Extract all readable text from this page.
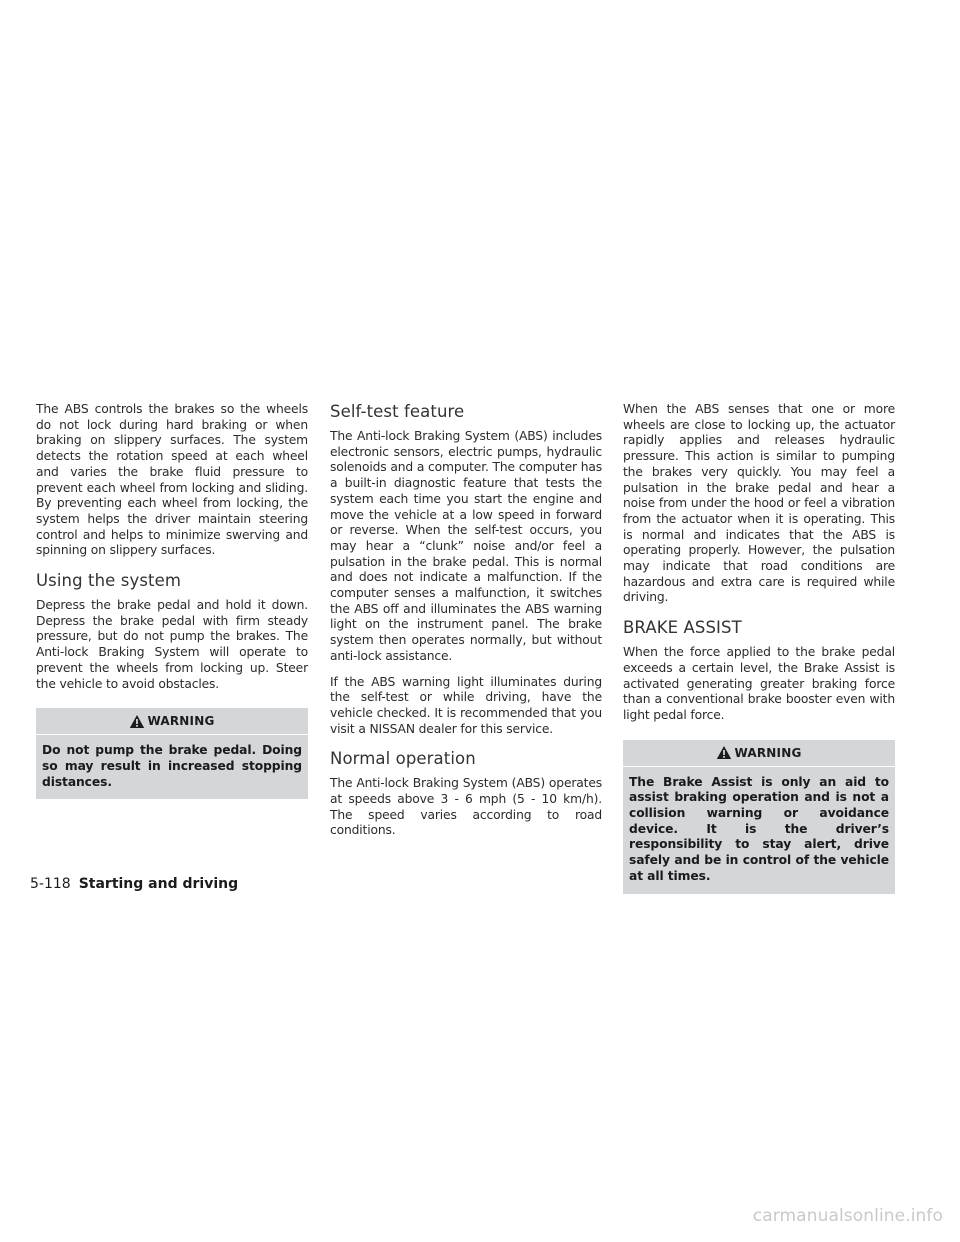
The ABS controls the brakes so the wheels do not lock during hard braking or when braking on slippery surfaces. The system detects the rotation speed at each wheel and varies the brake fluid pressure to prevent each wheel from locking and sliding. By preventing each wheel from locking, the system helps the driver maintain steering control and helps to minimize swerving and spinning on slippery surfaces.

Using the system

Depress the brake pedal and hold it down. Depress the brake pedal with firm steady pressure, but do not pump the brakes. The Anti-lock Braking System will operate to prevent the wheels from locking up. Steer the vehicle to avoid obstacles.

WARNING

Do not pump the brake pedal. Doing so may result in increased stopping distances.

Self-test feature

The Anti-lock Braking System (ABS) includes electronic sensors, electric pumps, hydraulic solenoids and a computer. The computer has a built-in diagnostic feature that tests the system each time you start the engine and move the vehicle at a low speed in forward or reverse. When the self-test occurs, you may hear a “clunk” noise and/or feel a pulsation in the brake pedal. This is normal and does not indicate a malfunction. If the computer senses a malfunction, it switches the ABS off and illuminates the ABS warning light on the instrument panel. The brake system then operates normally, but without anti-lock assistance.

If the ABS warning light illuminates during the self-test or while driving, have the vehicle checked. It is recommended that you visit a NISSAN dealer for this service.

Normal operation

The Anti-lock Braking System (ABS) operates at speeds above 3 - 6 mph (5 - 10 km/h). The speed varies according to road conditions.

When the ABS senses that one or more wheels are close to locking up, the actuator rapidly applies and releases hydraulic pressure. This action is similar to pumping the brakes very quickly. You may feel a pulsation in the brake pedal and hear a noise from under the hood or feel a vibration from the actuator when it is operating. This is normal and indicates that the ABS is operating properly. However, the pulsation may indicate that road conditions are hazardous and extra care is required while driving.

BRAKE ASSIST

When the force applied to the brake pedal exceeds a certain level, the Brake Assist is activated generating greater braking force than a conventional brake booster even with light pedal force.

WARNING

The Brake Assist is only an aid to assist braking operation and is not a collision warning or avoidance device. It is the driver’s responsibility to stay alert, drive safely and be in control of the vehicle at all times.

5-118 Starting and driving
carmanualsonline.info
